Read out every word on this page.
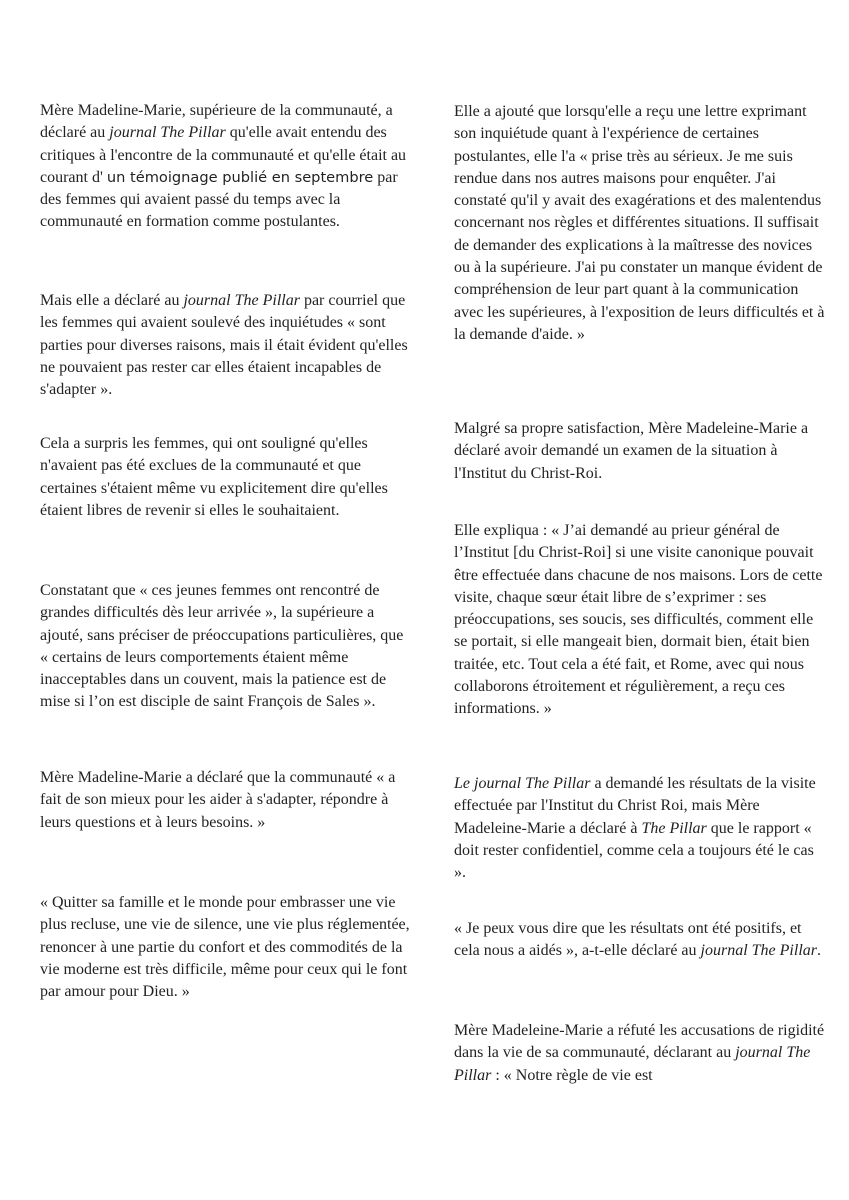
Mère Madeline-Marie, supérieure de la communauté, a déclaré au journal The Pillar qu'elle avait entendu des critiques à l'encontre de la communauté et qu'elle était au courant d' un témoignage publié en septembre par des femmes qui avaient passé du temps avec la communauté en formation comme postulantes.

Mais elle a déclaré au journal The Pillar par courriel que les femmes qui avaient soulevé des inquiétudes « sont parties pour diverses raisons, mais il était évident qu'elles ne pouvaient pas rester car elles étaient incapables de s'adapter ».

Cela a surpris les femmes, qui ont souligné qu'elles n'avaient pas été exclues de la communauté et que certaines s'étaient même vu explicitement dire qu'elles étaient libres de revenir si elles le souhaitaient.

Constatant que « ces jeunes femmes ont rencontré de grandes difficultés dès leur arrivée », la supérieure a ajouté, sans préciser de préoccupations particulières, que « certains de leurs comportements étaient même inacceptables dans un couvent, mais la patience est de mise si l’on est disciple de saint François de Sales ».

Mère Madeline-Marie a déclaré que la communauté « a fait de son mieux pour les aider à s'adapter, répondre à leurs questions et à leurs besoins. »

« Quitter sa famille et le monde pour embrasser une vie plus recluse, une vie de silence, une vie plus réglementée, renoncer à une partie du confort et des commodités de la vie moderne est très difficile, même pour ceux qui le font par amour pour Dieu. »

Elle a ajouté que lorsqu'elle a reçu une lettre exprimant son inquiétude quant à l'expérience de certaines postulantes, elle l'a « prise très au sérieux. Je me suis rendue dans nos autres maisons pour enquêter. J'ai constaté qu'il y avait des exagérations et des malentendus concernant nos règles et différentes situations. Il suffisait de demander des explications à la maîtresse des novices ou à la supérieure. J'ai pu constater un manque évident de compréhension de leur part quant à la communication avec les supérieures, à l'exposition de leurs difficultés et à la demande d'aide. »

Malgré sa propre satisfaction, Mère Madeleine-Marie a déclaré avoir demandé un examen de la situation à l'Institut du Christ-Roi.

Elle expliqua : « J’ai demandé au prieur général de l’Institut [du Christ-Roi] si une visite canonique pouvait être effectuée dans chacune de nos maisons. Lors de cette visite, chaque sœur était libre de s’exprimer : ses préoccupations, ses soucis, ses difficultés, comment elle se portait, si elle mangeait bien, dormait bien, était bien traitée, etc. Tout cela a été fait, et Rome, avec qui nous collaborons étroitement et régulièrement, a reçu ces informations. »

Le journal The Pillar a demandé les résultats de la visite effectuée par l'Institut du Christ Roi, mais Mère Madeleine-Marie a déclaré à The Pillar que le rapport « doit rester confidentiel, comme cela a toujours été le cas ».

« Je peux vous dire que les résultats ont été positifs, et cela nous a aidés », a-t-elle déclaré au journal The Pillar.

Mère Madeleine-Marie a réfuté les accusations de rigidité dans la vie de sa communauté, déclarant au journal The Pillar : « Notre règle de vie est
